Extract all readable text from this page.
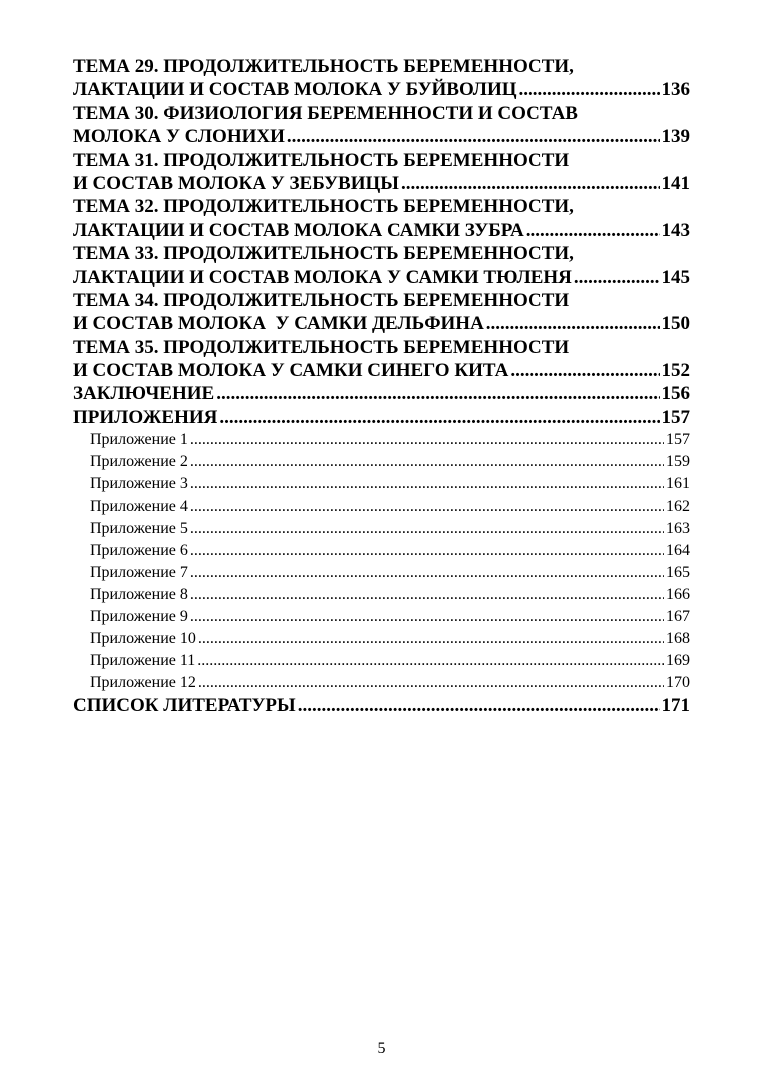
ТЕМА 29. ПРОДОЛЖИТЕЛЬНОСТЬ БЕРЕМЕННОСТИ,
ЛАКТАЦИИ И СОСТАВ МОЛОКА У БУЙВОЛИЦ .....	136
ТЕМА 30. ФИЗИОЛОГИЯ БЕРЕМЕННОСТИ И СОСТАВ
МОЛОКА У СЛОНИХИ .....	139
ТЕМА 31. ПРОДОЛЖИТЕЛЬНОСТЬ БЕРЕМЕННОСТИ
И СОСТАВ МОЛОКА У ЗЕБУВИЦЫ .....	141
ТЕМА 32. ПРОДОЛЖИТЕЛЬНОСТЬ БЕРЕМЕННОСТИ,
ЛАКТАЦИИ И СОСТАВ МОЛОКА САМКИ ЗУБРА .....	143
ТЕМА 33. ПРОДОЛЖИТЕЛЬНОСТЬ БЕРЕМЕННОСТИ,
ЛАКТАЦИИ И СОСТАВ МОЛОКА У САМКИ ТЮЛЕНЯ .....	145
ТЕМА 34. ПРОДОЛЖИТЕЛЬНОСТЬ БЕРЕМЕННОСТИ
И СОСТАВ МОЛОКА  У САМКИ ДЕЛЬФИНА .....	150
ТЕМА 35. ПРОДОЛЖИТЕЛЬНОСТЬ БЕРЕМЕННОСТИ
И СОСТАВ МОЛОКА У САМКИ СИНЕГО КИТА .....	152
ЗАКЛЮЧЕНИЕ .....	156
ПРИЛОЖЕНИЯ .....	157
Приложение 1 .....	157
Приложение 2 .....	159
Приложение 3 .....	161
Приложение 4 .....	162
Приложение 5 .....	163
Приложение 6 .....	164
Приложение 7 .....	165
Приложение 8 .....	166
Приложение 9 .....	167
Приложение 10 .....	168
Приложение 11 .....	169
Приложение 12 .....	170
СПИСОК ЛИТЕРАТУРЫ .....	171
5
